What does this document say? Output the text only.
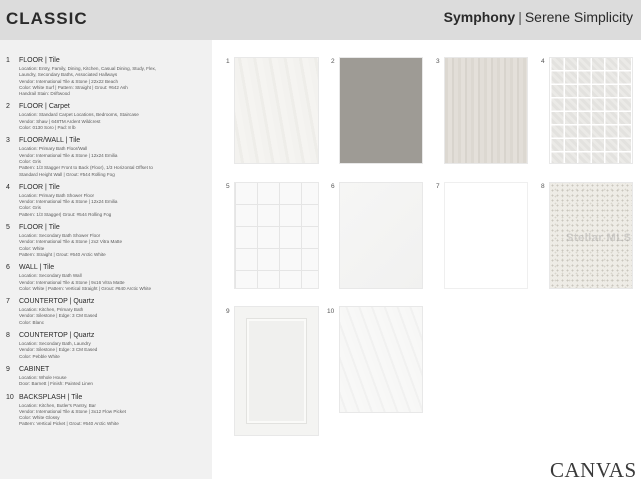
CLASSIC	Symphony | Serene Simplicity
1	FLOOR | Tile
Location: Entry, Family, Dining, Kitchen, Casual Dining, Study, Flex,
Laundry, Secondary Baths, Associated Hallways
Vendor: International Tile & Stone | 22x22 Beach
Color: White Surf | Pattern: Straight | Grout: #642 Ash
Handrail Stain: Driftwood
2	FLOOR | Carpet
Location: Standard Carpet Locations, Bedrooms, Staircase
Vendor: Shaw | 648TM Ardent Wildcrest
Color: 0130 Soro | Pad: 8 lb
3	FLOOR/WALL | Tile
Location: Primary Bath Floor/Wall
Vendor: International Tile & Stone | 12x24 Emilia
Color: Gris
Pattern: 1/3 Stagger Front to Back (Floor), 1/3 Horizontal Offset to
Standard Height Wall | Grout: #544 Rolling Fog
4	FLOOR | Tile
Location: Primary Bath Shower Floor
Vendor: International Tile & Stone | 12x24 Emilia
Color: Gris
Pattern: 1/3 Stagger| Grout: #544 Rolling Fog
5	FLOOR | Tile
Location: Secondary Bath Shower Floor
Vendor: International Tile & Stone | 2x2 Vitra Matte
Color: White
Pattern: Straight | Grout: #640 Arctic White
6	WALL | Tile
Location: Secondary Bath Wall
Vendor: International Tile & Stone | 9x16 Vitra Matte
Color: White | Pattern: Vertical Straight | Grout: #640 Arctic White
7	COUNTERTOP | Quartz
Location: Kitchen, Primary Bath
Vendor: Silestone | Edge: 3 CM Eased
Color: Blanc
8	COUNTERTOP | Quartz
Location: Secondary Bath, Laundry
Vendor: Silestone | Edge: 3 CM Eased
Color: Pebble White
9	CABINET
Location: Whole House
Door: Barnett | Finish: Painted Linen
10 BACKSPLASH | Tile
Location: Kitchen, Butler's Pantry, Bar
Vendor: International Tile & Stone | 3x12 Flow Picket
Color: White Glossy
Pattern: Vertical Picket | Grout: #640 Arctic White
1	2	3	4
5	6	7	8
9	10
Stellar MLS
CANVAS
